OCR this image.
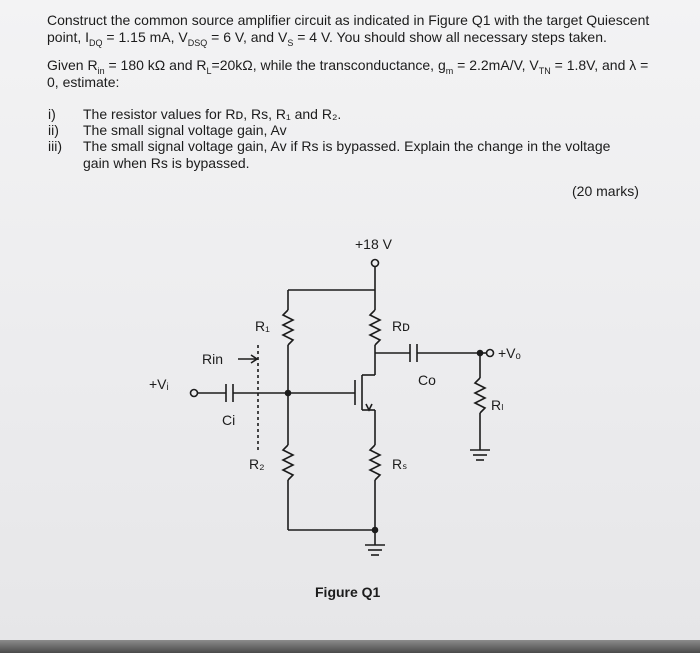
Construct the common source amplifier circuit as indicated in Figure Q1 with the target Quiescent
point, $I_{DQ} = 1.15$ mA, $V_{DSQ} = 6$ V, and $V_S = 4$ V. You should show all necessary steps taken.
Given $R_{in} = 180$ kΩ and $R_L=20k\Omega$, while the transconductance, $g_m = 2.2mA/V$, $V_{TN} = 1.8V$, and λ =
0, estimate:
i) The resistor values for Rᴅ, Rs, R₁ and R₂.
ii) The small signal voltage gain, Av
iii) The small signal voltage gain, Av if Rs is bypassed. Explain the change in the voltage
gain when Rs is bypassed.
(20 marks)
+18 V
R₁	Rᴅ
+Vₒ
Rin
Co
+Vᵢ
Rₗ
Ci
R₂	Rₛ
Figure Q1
